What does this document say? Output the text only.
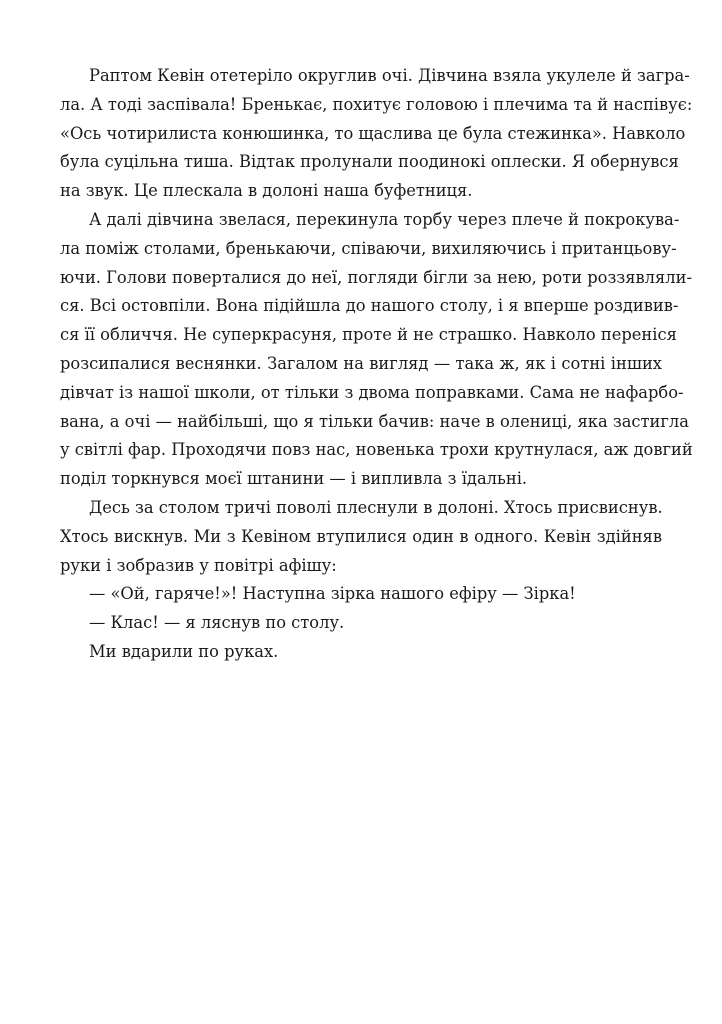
Раптом Кевін отетеріло округлив очі. Дівчина взяла укулеле й загра-
ла. А тоді заспівала! Бренькає, похитує головою і плечима та й наспівує:
«Ось чотирилиста конюшинка, то щаслива це була стежинка». Навколо
була суцільна тиша. Відтак пролунали поодинокі оплески. Я обернувся
на звук. Це плескала в долоні наша буфетниця.
А далі дівчина звелася, перекинула торбу через плече й покрокува-
ла поміж столами, бренькаючи, співаючи, вихиляючись і пританцьову-
ючи. Голови поверталися до неї, погляди бігли за нею, роти роззявляли-
ся. Всі остовпіли. Вона підійшла до нашого столу, і я вперше роздивив-
ся її обличчя. Не суперкрасуня, проте й не страшко. Навколо переніся
розсипалися веснянки. Загалом на вигляд — така ж, як і сотні інших
дівчат із нашої школи, от тільки з двома поправками. Сама не нафарбо-
вана, а очі — найбільші, що я тільки бачив: наче в олениці, яка застигла
у світлі фар. Проходячи повз нас, новенька трохи крутнулася, аж довгий
поділ торкнувся моєї штанини — і випливла з їдальні.
Десь за столом тричі поволі плеснули в долоні. Хтось присвиснув.
Хтось вискнув. Ми з Кевіном втупилися один в одного. Кевін здійняв
руки і зобразив у повітрі афішу:
— «Ой, гаряче!»! Наступна зірка нашого ефіру — Зірка!
— Клас! — я ляснув по столу.
Ми вдарили по руках.
